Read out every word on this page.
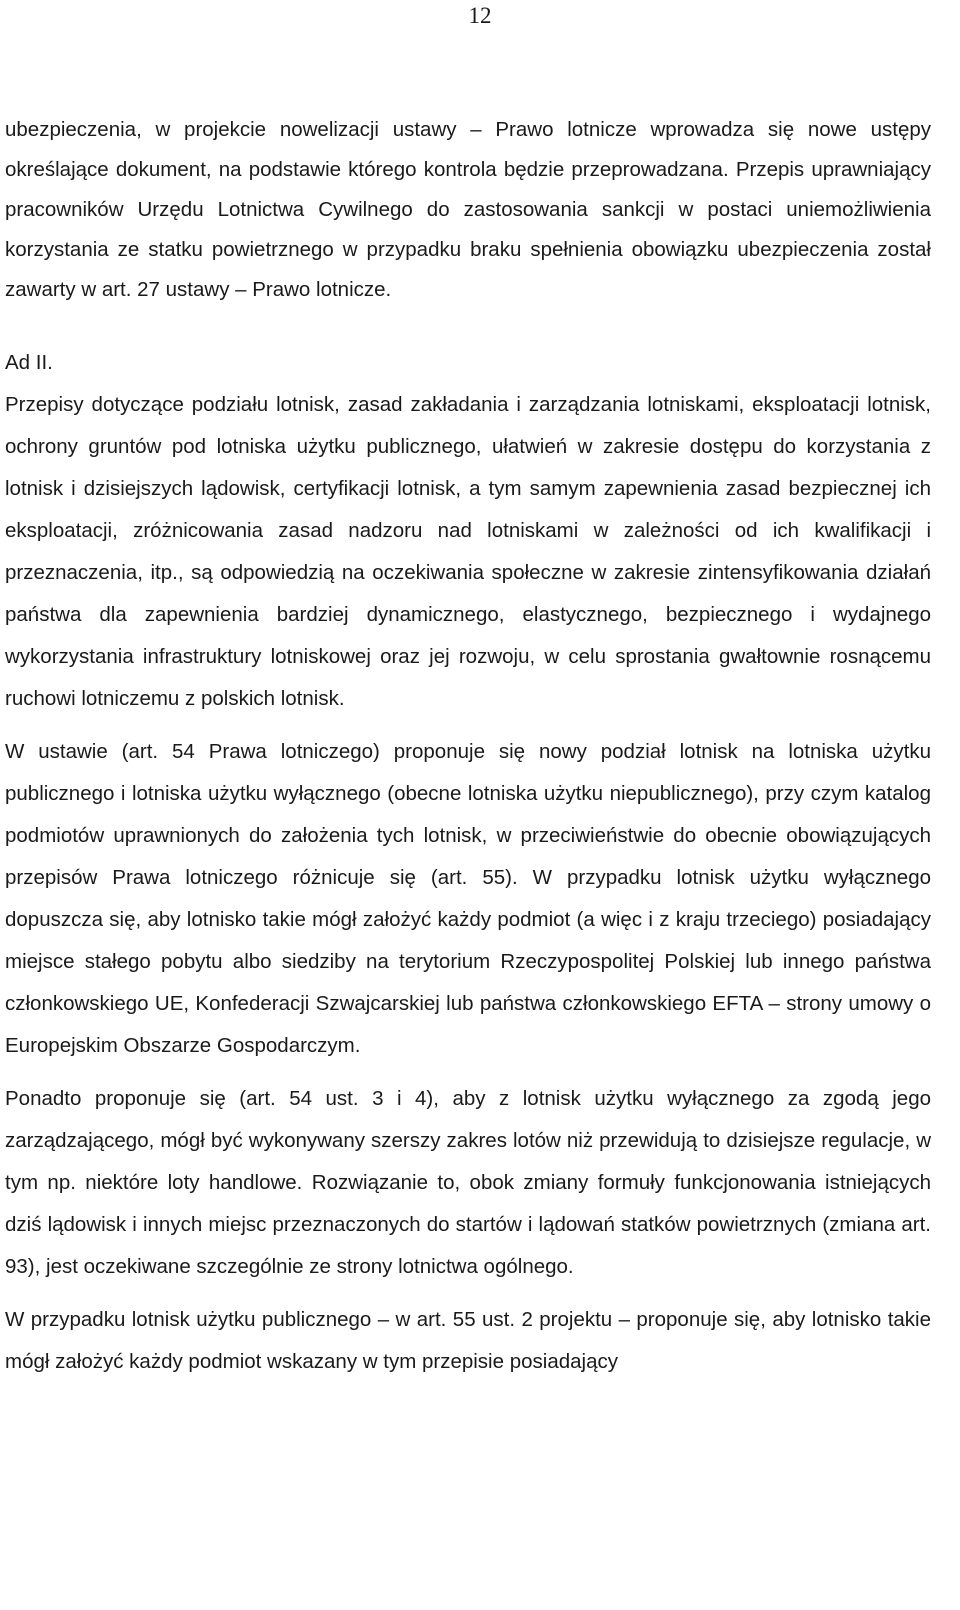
12

ubezpieczenia, w projekcie nowelizacji ustawy – Prawo lotnicze wprowadza się nowe ustępy określające dokument, na podstawie którego kontrola będzie przeprowadzana. Przepis uprawniający pracowników Urzędu Lotnictwa Cywilnego do zastosowania sankcji w postaci uniemożliwienia korzystania ze statku powietrznego w przypadku braku spełnienia obowiązku ubezpieczenia został zawarty w art. 27 ustawy – Prawo lotnicze.

Ad II.

Przepisy dotyczące podziału lotnisk, zasad zakładania i zarządzania lotniskami, eksploatacji lotnisk, ochrony gruntów pod lotniska użytku publicznego, ułatwień w zakresie dostępu do korzystania z lotnisk i dzisiejszych lądowisk, certyfikacji lotnisk, a tym samym zapewnienia zasad bezpiecznej ich eksploatacji, zróżnicowania zasad nadzoru nad lotniskami w zależności od ich kwalifikacji i przeznaczenia, itp., są odpowiedzią na oczekiwania społeczne w zakresie zintensyfikowania działań państwa dla zapewnienia bardziej dynamicznego, elastycznego, bezpiecznego i wydajnego wykorzystania infrastruktury lotniskowej oraz jej rozwoju, w celu sprostania gwałtownie rosnącemu ruchowi lotniczemu z polskich lotnisk.

W ustawie (art. 54 Prawa lotniczego) proponuje się nowy podział lotnisk na lotniska użytku publicznego i lotniska użytku wyłącznego (obecne lotniska użytku niepublicznego), przy czym katalog podmiotów uprawnionych do założenia tych lotnisk, w przeciwieństwie do obecnie obowiązujących przepisów Prawa lotniczego różnicuje się (art. 55). W przypadku lotnisk użytku wyłącznego dopuszcza się, aby lotnisko takie mógł założyć każdy podmiot (a więc i z kraju trzeciego) posiadający miejsce stałego pobytu albo siedziby na terytorium Rzeczypospolitej Polskiej lub innego państwa członkowskiego UE, Konfederacji Szwajcarskiej lub państwa członkowskiego EFTA – strony umowy o Europejskim Obszarze Gospodarczym.

Ponadto proponuje się (art. 54 ust. 3 i 4), aby z lotnisk użytku wyłącznego za zgodą jego zarządzającego, mógł być wykonywany szerszy zakres lotów niż przewidują to dzisiejsze regulacje, w tym np. niektóre loty handlowe. Rozwiązanie to, obok zmiany formuły funkcjonowania istniejących dziś lądowisk i innych miejsc przeznaczonych do startów i lądowań statków powietrznych (zmiana art. 93), jest oczekiwane szczególnie ze strony lotnictwa ogólnego.

W przypadku lotnisk użytku publicznego – w art. 55 ust. 2 projektu – proponuje się, aby lotnisko takie mógł założyć każdy podmiot wskazany w tym przepisie posiadający
